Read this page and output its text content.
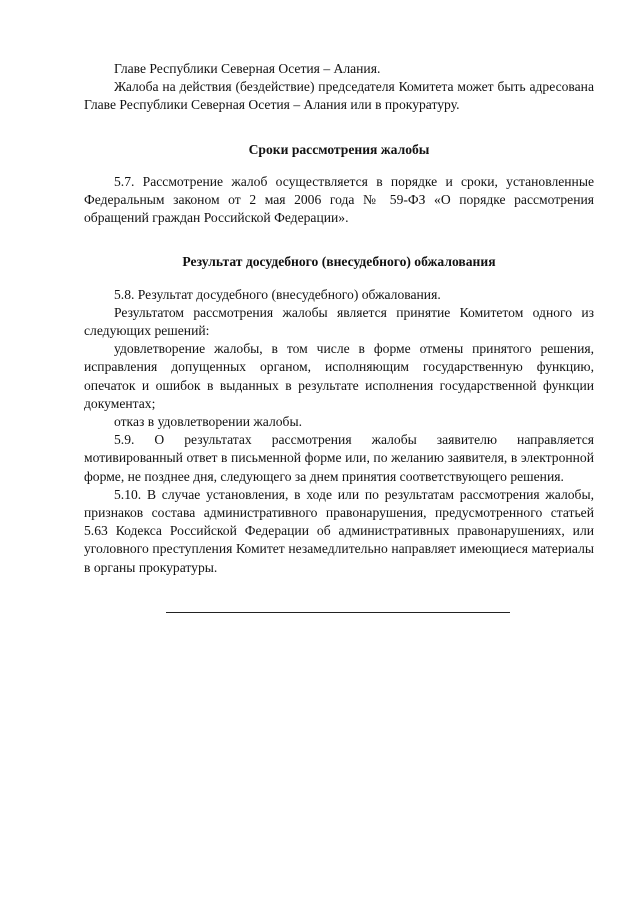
Главе Республики Северная Осетия – Алания.

Жалоба на действия (бездействие) председателя Комитета может быть адресована Главе Республики Северная Осетия – Алания или в прокуратуру.

Сроки рассмотрения жалобы

5.7. Рассмотрение жалоб осуществляется в порядке и сроки, установленные Федеральным законом от 2 мая 2006 года № 59-ФЗ «О порядке рассмотрения обращений граждан Российской Федерации».

Результат досудебного (внесудебного) обжалования

5.8. Результат досудебного (внесудебного) обжалования.

Результатом рассмотрения жалобы является принятие Комитетом одного из следующих решений:

удовлетворение жалобы, в том числе в форме отмены принятого решения, исправления допущенных органом, исполняющим государственную функцию, опечаток и ошибок в выданных в результате исполнения государственной функции документах;

отказ в удовлетворении жалобы.

5.9. О результатах рассмотрения жалобы заявителю направляется мотивированный ответ в письменной форме или, по желанию заявителя, в электронной форме, не позднее дня, следующего за днем принятия соответствующего решения.

5.10. В случае установления, в ходе или по результатам рассмотрения жалобы, признаков состава административного правонарушения, предусмотренного статьей 5.63 Кодекса Российской Федерации об административных правонарушениях, или уголовного преступления Комитет незамедлительно направляет имеющиеся материалы в органы прокуратуры.
